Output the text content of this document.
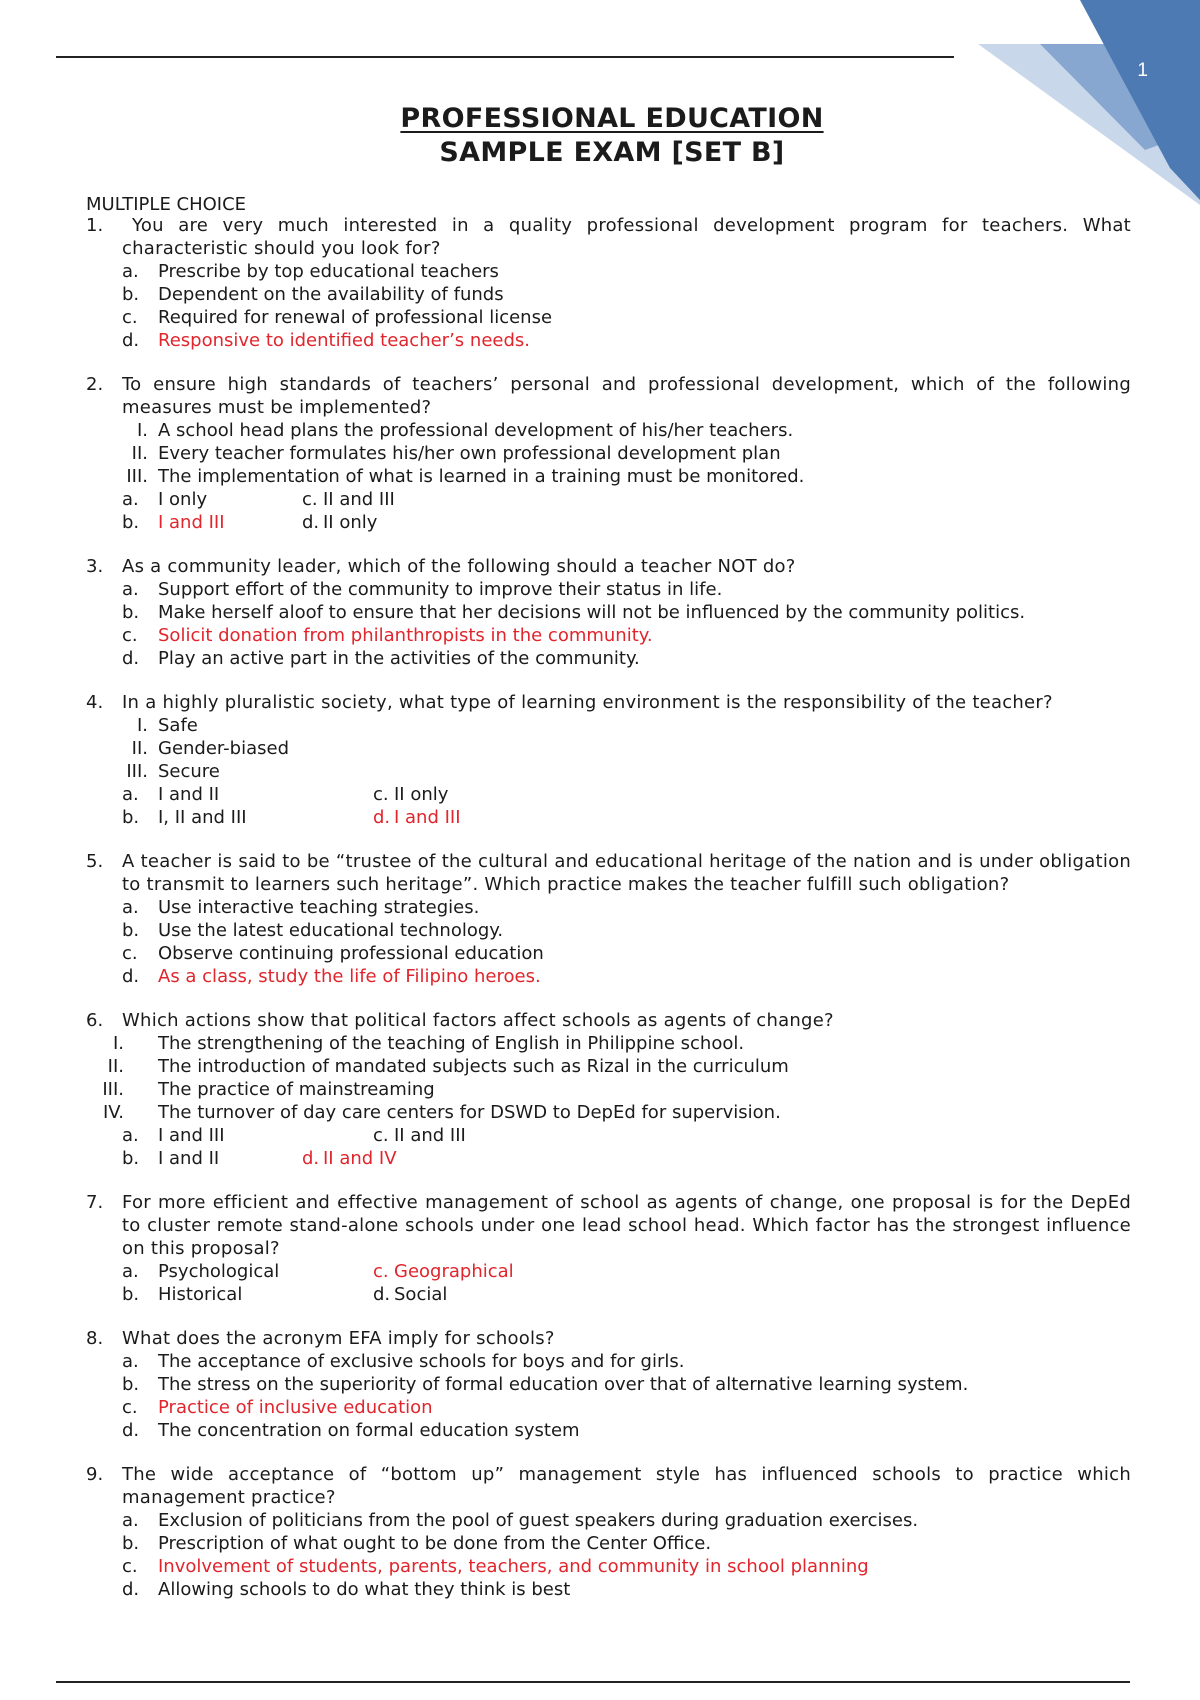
1
PROFESSIONAL EDUCATION
SAMPLE EXAM [SET B]
MULTIPLE CHOICE
1.	You are very much interested in a quality professional development program for teachers. What characteristic should you look for?
a.	Prescribe by top educational teachers
b.	Dependent on the availability of funds
c.	Required for renewal of professional license
d.	Responsive to identified teacher’s needs.
2. To ensure high standards of teachers’ personal and professional development, which of the following measures must be implemented?
I. A school head plans the professional development of his/her teachers.
II. Every teacher formulates his/her own professional development plan
III. The implementation of what is learned in a training must be monitored.
a.	I only	c. II and III
b.	I and III	d. II only
3. As a community leader, which of the following should a teacher NOT do?
a.	Support effort of the community to improve their status in life.
b.	Make herself aloof to ensure that her decisions will not be influenced by the community politics.
c.	Solicit donation from philanthropists in the community.
d.	Play an active part in the activities of the community.
4. In a highly pluralistic society, what type of learning environment is the responsibility of the teacher?
I. Safe
II. Gender-biased
III. Secure
a.	I and II	c. II only
b.	I, II and III	d. I and III
5. A teacher is said to be “trustee of the cultural and educational heritage of the nation and is under obligation to transmit to learners such heritage”. Which practice makes the teacher fulfill such obligation?
a.	Use interactive teaching strategies.
b.	Use the latest educational technology.
c.	Observe continuing professional education
d.	As a class, study the life of Filipino heroes.
6. Which actions show that political factors affect schools as agents of change?
I. The strengthening of the teaching of English in Philippine school.
II. The introduction of mandated subjects such as Rizal in the curriculum
III. The practice of mainstreaming
IV. The turnover of day care centers for DSWD to DepEd for supervision.
a.	I and III	c. II and III
b.	I and II	d. II and IV
7. For more efficient and effective management of school as agents of change, one proposal is for the DepEd to cluster remote stand-alone schools under one lead school head. Which factor has the strongest influence on this proposal?
a.	Psychological	c. Geographical
b.	Historical	d. Social
8. What does the acronym EFA imply for schools?
a.	The acceptance of exclusive schools for boys and for girls.
b.	The stress on the superiority of formal education over that of alternative learning system.
c.	Practice of inclusive education
d.	The concentration on formal education system
9. The wide acceptance of “bottom up” management style has influenced schools to practice which management practice?
a.	Exclusion of politicians from the pool of guest speakers during graduation exercises.
b.	Prescription of what ought to be done from the Center Office.
c.	Involvement of students, parents, teachers, and community in school planning
d.	Allowing schools to do what they think is best
